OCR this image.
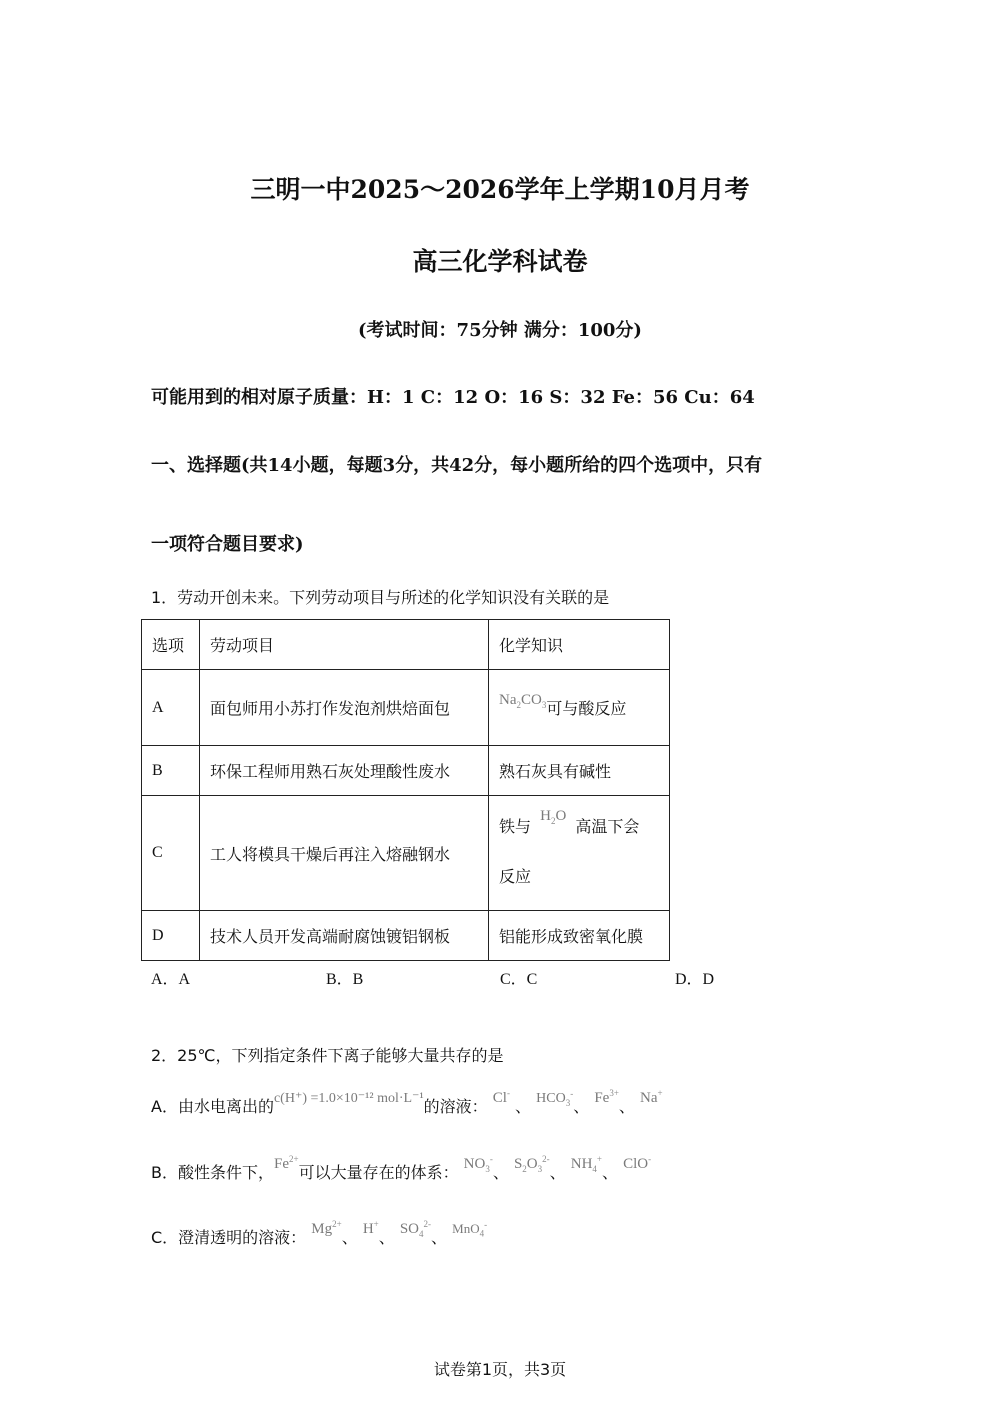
三明一中2025～2026学年上学期10月月考
高三化学科试卷
(考试时间：75分钟 满分：100分)
可能用到的相对原子质量：H：1 C：12 O：16 S：32 Fe：56 Cu：64
一、选择题(共14小题，每题3分，共42分，每小题所给的四个选项中，只有
一项符合题目要求)
1．劳动开创未来。下列劳动项目与所述的化学知识没有关联的是
选项	劳动项目	化学知识
A	面包师用小苏打作发泡剂烘焙面包	$Na_2CO_3$可与酸反应
B	环保工程师用熟石灰处理酸性废水	熟石灰具有碱性
C	工人将模具干燥后再注入熔融钢水	铁与 $H_2O$ 高温下会
反应

D	技术人员开发高端耐腐蚀镀铝钢板	铝能形成致密氧化膜
A．A	B．B	C．C	D．D
2．25℃，下列指定条件下离子能够大量共存的是
A．由水电离出的c(H⁺) =1.0×10⁻¹² mol·L⁻¹的溶液： Cl- 、 $HCO_3^-$、 $Fe^{3+}$、 Na+
B．酸性条件下，$Fe^{2+}$可以大量存在的体系： $NO_3^-$、 $S_2O_3^{2-}$、 $NH_4^+$、 ClO-
C．澄清透明的溶液： $Mg^{2+}$、 H+、 $SO_4^{2-}$、 MnO$_4$-
试卷第1页，共3页
